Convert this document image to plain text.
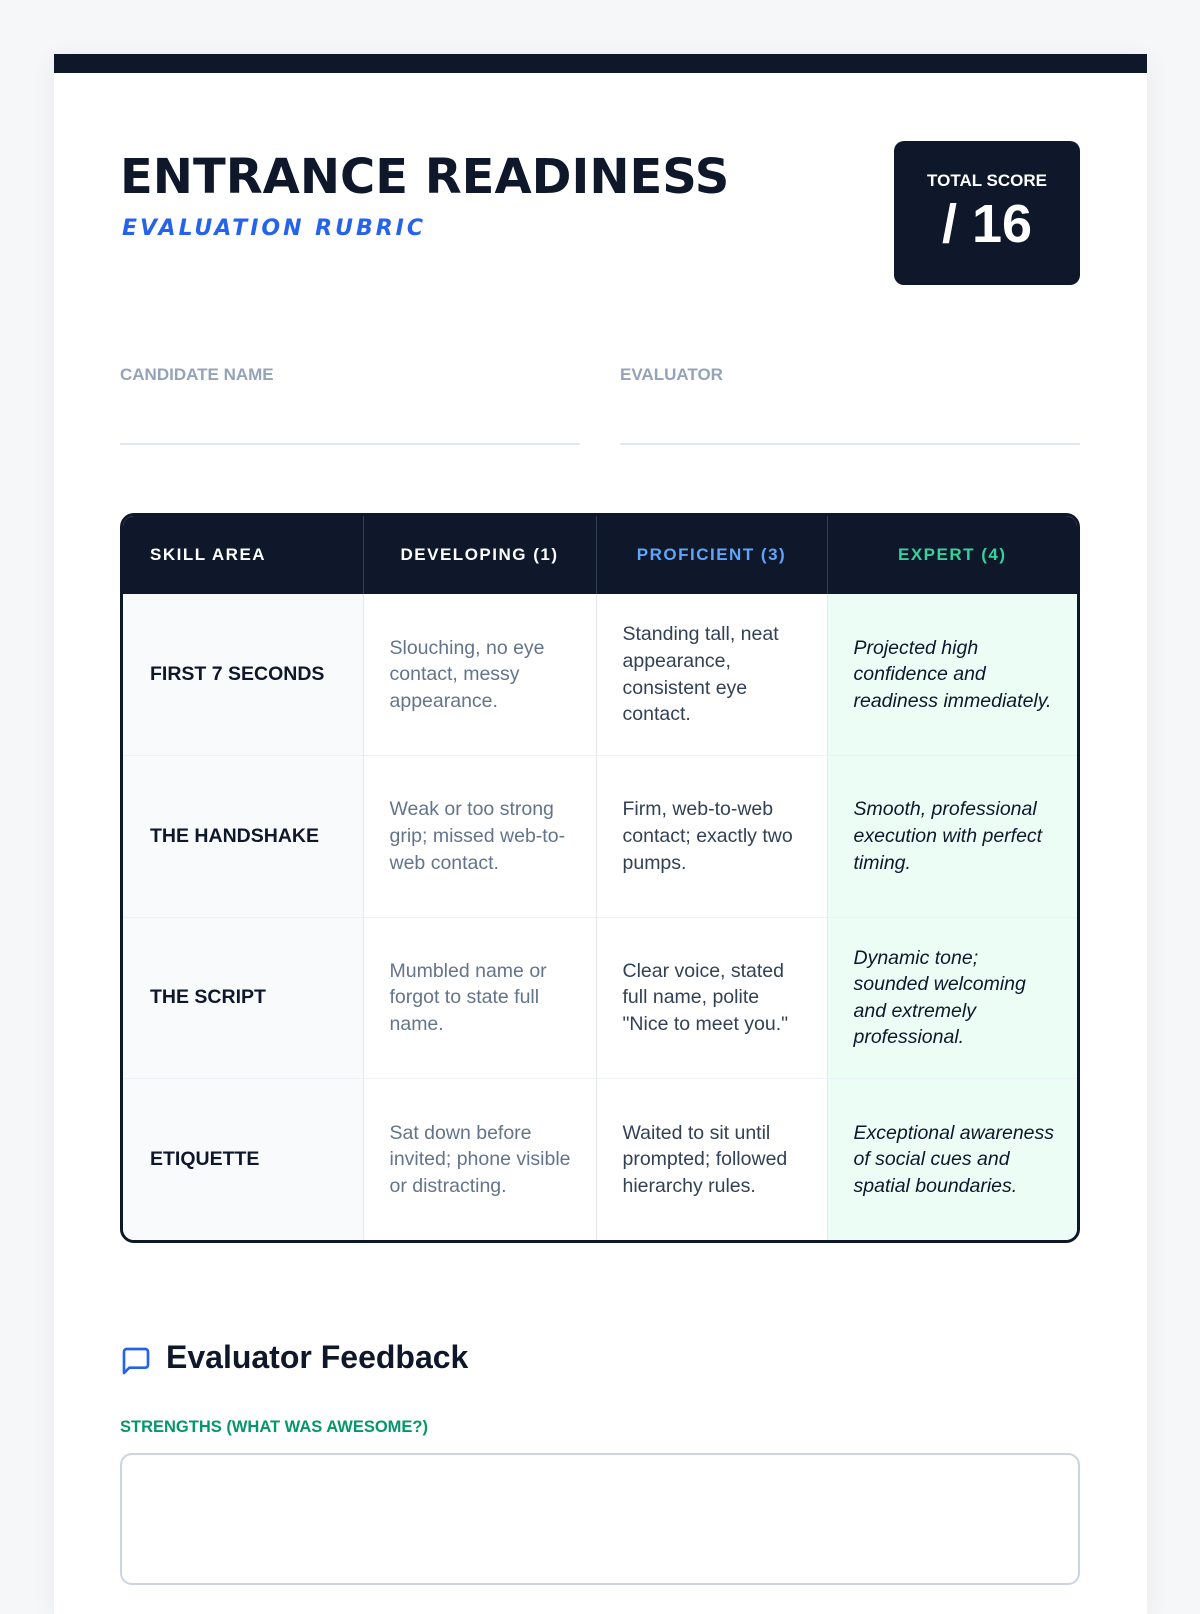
ENTRANCE READINESS
EVALUATION RUBRIC
TOTAL SCORE
/ 16
CANDIDATE NAME	EVALUATOR
SKILL AREA	DEVELOPING (1)	PROFICIENT (3)	EXPERT (4)
FIRST 7 SECONDS	Slouching, no eye contact, messy appearance.	Standing tall, neat appearance, consistent eye contact.	Projected high confidence and readiness immediately.
THE HANDSHAKE	Weak or too strong grip; missed web-to-web contact.	Firm, web-to-web contact; exactly two pumps.	Smooth, professional execution with perfect timing.
THE SCRIPT	Mumbled name or forgot to state full name.	Clear voice, stated full name, polite "Nice to meet you."	Dynamic tone; sounded welcoming and extremely professional.
ETIQUETTE	Sat down before invited; phone visible or distracting.	Waited to sit until prompted; followed hierarchy rules.	Exceptional awareness of social cues and spatial boundaries.
Evaluator Feedback
STRENGTHS (WHAT WAS AWESOME?)
